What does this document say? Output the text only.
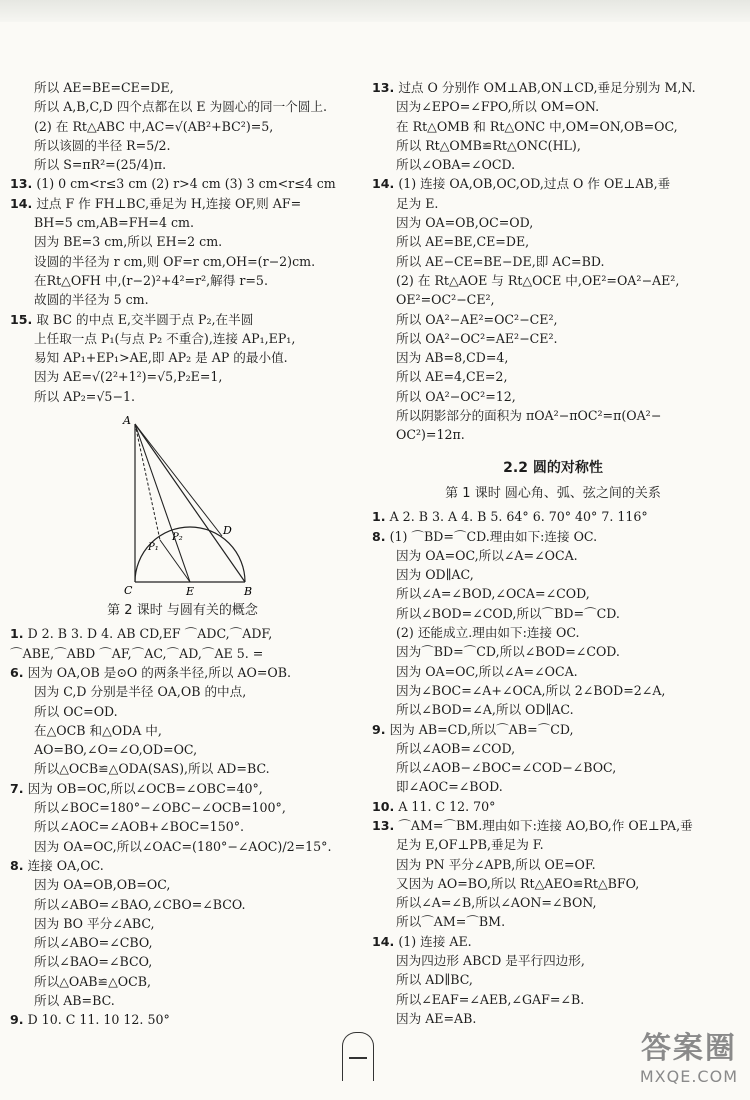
所以 AE=BE=CE=DE,
所以 A,B,C,D 四个点都在以 E 为圆心的同一个圆上.
(2) 在 Rt△ABC 中,AC=√(AB²+BC²)=5,
所以该圆的半径 R=5/2.
所以 S=πR²=(25/4)π.
13. (1) 0 cm<r≤3 cm (2) r>4 cm (3) 3 cm<r≤4 cm
14. 过点 F 作 FH⊥BC,垂足为 H,连接 OF,则 AF=
BH=5 cm,AB=FH=4 cm.
因为 BE=3 cm,所以 EH=2 cm.
设圆的半径为 r cm,则 OF=r cm,OH=(r−2)cm.
在Rt△OFH 中,(r−2)²+4²=r²,解得 r=5.
故圆的半径为 5 cm.
15. 取 BC 的中点 E,交半圆于点 P₂,在半圆
上任取一点 P₁(与点 P₂ 不重合),连接 AP₁,EP₁,
易知 AP₁+EP₁>AE,即 AP₂ 是 AP 的最小值.
因为 AE=√(2²+1²)=√5,P₂E=1,
所以 AP₂=√5−1.
A
D
P₁
P₂
C	E	B
第 2 课时 与圆有关的概念
1. D 2. B 3. D 4. AB CD,EF ⌒ADC,⌒ADF,
⌒ABE,⌒ABD ⌒AF,⌒AC,⌒AD,⌒AE 5. =
6. 因为 OA,OB 是⊙O 的两条半径,所以 AO=OB.
因为 C,D 分别是半径 OA,OB 的中点,
所以 OC=OD.
在△OCB 和△ODA 中,
AO=BO,∠O=∠O,OD=OC,
所以△OCB≌△ODA(SAS),所以 AD=BC.
7. 因为 OB=OC,所以∠OCB=∠OBC=40°,
所以∠BOC=180°−∠OBC−∠OCB=100°,
所以∠AOC=∠AOB+∠BOC=150°.
因为 OA=OC,所以∠OAC=(180°−∠AOC)/2=15°.
8. 连接 OA,OC.
因为 OA=OB,OB=OC,
所以∠ABO=∠BAO,∠CBO=∠BCO.
因为 BO 平分∠ABC,
所以∠ABO=∠CBO,
所以∠BAO=∠BCO,
所以△OAB≌△OCB,
所以 AB=BC.
9. D 10. C 11. 10 12. 50°
13. 过点 O 分别作 OM⊥AB,ON⊥CD,垂足分别为 M,N.
因为∠EPO=∠FPO,所以 OM=ON.
在 Rt△OMB 和 Rt△ONC 中,OM=ON,OB=OC,
所以 Rt△OMB≌Rt△ONC(HL),
所以∠OBA=∠OCD.
14. (1) 连接 OA,OB,OC,OD,过点 O 作 OE⊥AB,垂
足为 E.
因为 OA=OB,OC=OD,
所以 AE=BE,CE=DE,
所以 AE−CE=BE−DE,即 AC=BD.
(2) 在 Rt△AOE 与 Rt△OCE 中,OE²=OA²−AE²,
OE²=OC²−CE²,
所以 OA²−AE²=OC²−CE²,
所以 OA²−OC²=AE²−CE².
因为 AB=8,CD=4,
所以 AE=4,CE=2,
所以 OA²−OC²=12,
所以阴影部分的面积为 πOA²−πOC²=π(OA²−
OC²)=12π.
2.2 圆的对称性
第 1 课时 圆心角、弧、弦之间的关系
1. A 2. B 3. A 4. B 5. 64° 6. 70° 40° 7. 116°
8. (1) ⌒BD=⌒CD.理由如下:连接 OC.
因为 OA=OC,所以∠A=∠OCA.
因为 OD∥AC,
所以∠A=∠BOD,∠OCA=∠COD,
所以∠BOD=∠COD,所以⌒BD=⌒CD.
(2) 还能成立.理由如下:连接 OC.
因为⌒BD=⌒CD,所以∠BOD=∠COD.
因为 OA=OC,所以∠A=∠OCA.
因为∠BOC=∠A+∠OCA,所以 2∠BOD=2∠A,
所以∠BOD=∠A,所以 OD∥AC.
9. 因为 AB=CD,所以⌒AB=⌒CD,
所以∠AOB=∠COD,
所以∠AOB−∠BOC=∠COD−∠BOC,
即∠AOC=∠BOD.
10. A 11. C 12. 70°
13. ⌒AM=⌒BM.理由如下:连接 AO,BO,作 OE⊥PA,垂
足为 E,OF⊥PB,垂足为 F.
因为 PN 平分∠APB,所以 OE=OF.
又因为 AO=BO,所以 Rt△AEO≌Rt△BFO,
所以∠A=∠B,所以∠AON=∠BON,
所以⌒AM=⌒BM.
14. (1) 连接 AE.
因为四边形 ABCD 是平行四边形,
所以 AD∥BC,
所以∠EAF=∠AEB,∠GAF=∠B.
因为 AE=AB.
答案圈
MXQE.COM
